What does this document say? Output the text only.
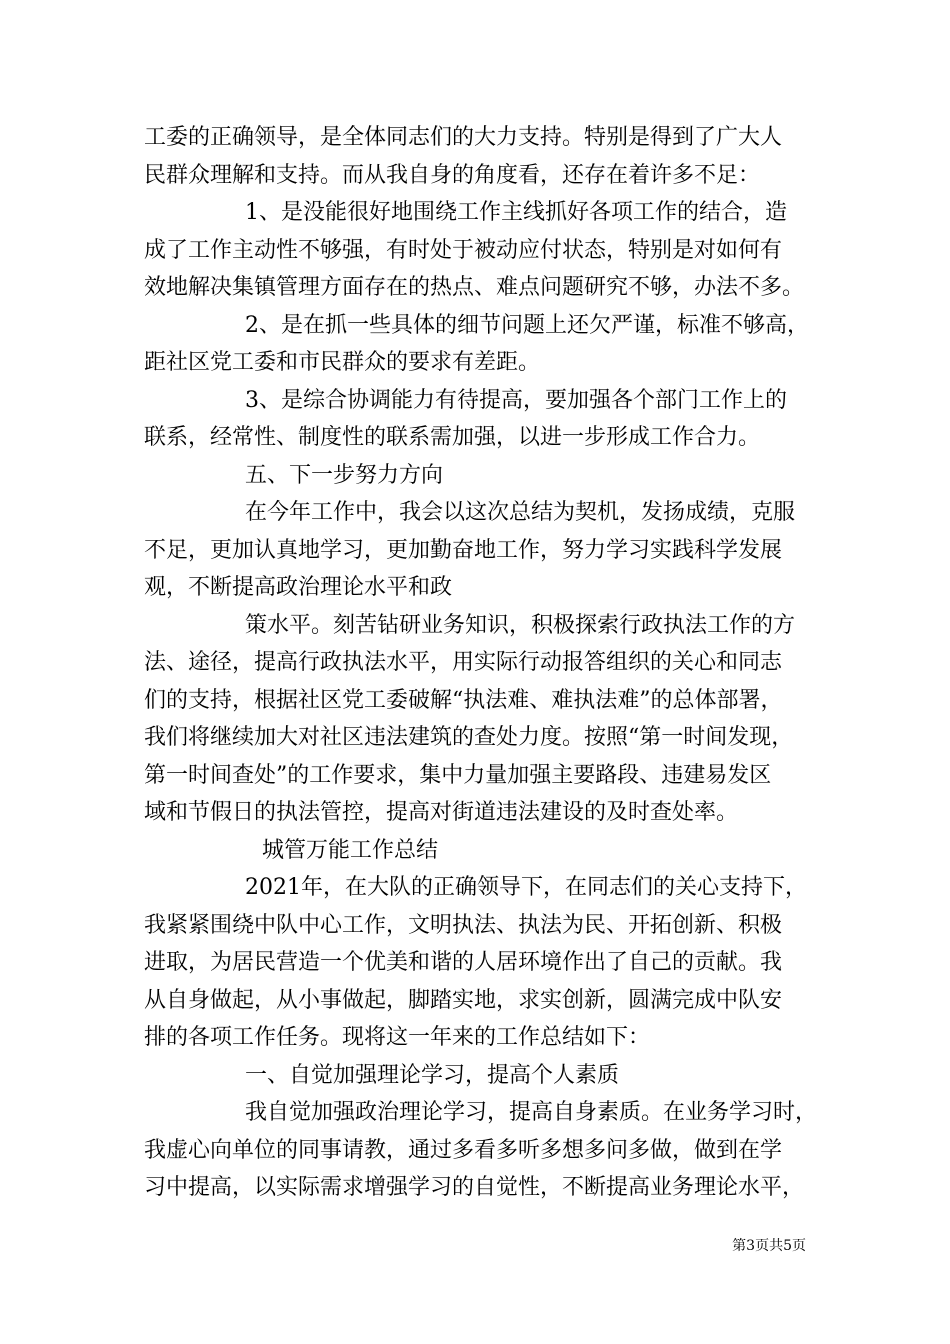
工委的正确领导，是全体同志们的大力支持。特别是得到了广大人
民群众理解和支持。而从我自身的角度看，还存在着许多不足：
1、是没能很好地围绕工作主线抓好各项工作的结合，造
成了工作主动性不够强，有时处于被动应付状态，特别是对如何有
效地解决集镇管理方面存在的热点、难点问题研究不够，办法不多。
2、是在抓一些具体的细节问题上还欠严谨，标准不够高，
距社区党工委和市民群众的要求有差距。
3、是综合协调能力有待提高，要加强各个部门工作上的
联系，经常性、制度性的联系需加强，以进一步形成工作合力。
五、下一步努力方向
在今年工作中，我会以这次总结为契机，发扬成绩，克服
不足，更加认真地学习，更加勤奋地工作，努力学习实践科学发展
观，不断提高政治理论水平和政
策水平。刻苦钻研业务知识，积极探索行政执法工作的方
法、途径，提高行政执法水平，用实际行动报答组织的关心和同志
们的支持，根据社区党工委破解“执法难、难执法难”的总体部署，
我们将继续加大对社区违法建筑的查处力度。按照“第一时间发现，
第一时间查处”的工作要求，集中力量加强主要路段、违建易发区
域和节假日的执法管控，提高对街道违法建设的及时查处率。
城管万能工作总结
2021年，在大队的正确领导下，在同志们的关心支持下，
我紧紧围绕中队中心工作，文明执法、执法为民、开拓创新、积极
进取，为居民营造一个优美和谐的人居环境作出了自己的贡献。我
从自身做起，从小事做起，脚踏实地，求实创新，圆满完成中队安
排的各项工作任务。现将这一年来的工作总结如下：
一、自觉加强理论学习，提高个人素质
我自觉加强政治理论学习，提高自身素质。在业务学习时，
我虚心向单位的同事请教，通过多看多听多想多问多做，做到在学
习中提高，以实际需求增强学习的自觉性，不断提高业务理论水平，
第3页共5页
